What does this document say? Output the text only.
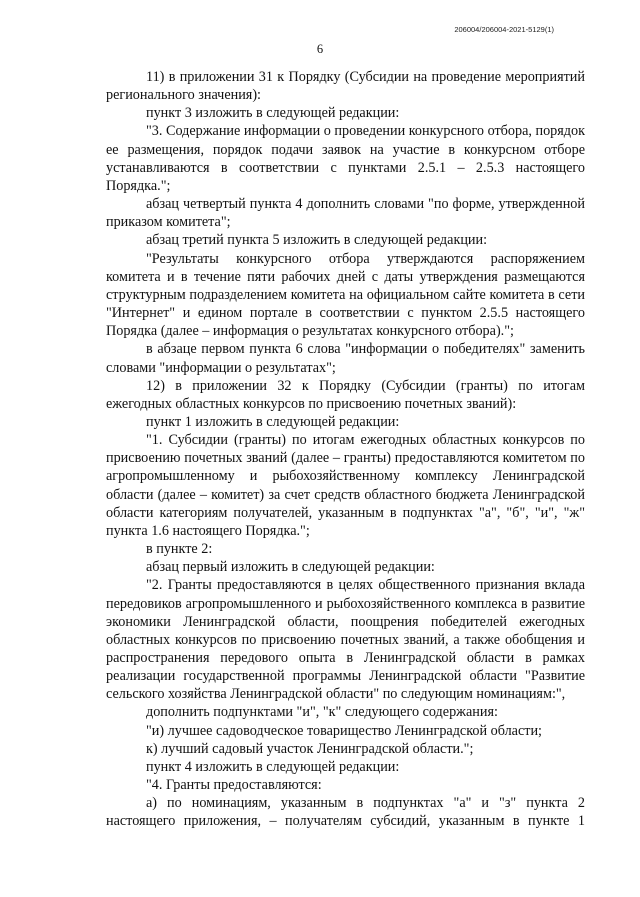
206004/206004-2021-5129(1)
6

11) в приложении 31 к Порядку (Субсидии на проведение мероприятий регионального значения):

пункт 3 изложить в следующей редакции:

"3. Содержание информации о проведении конкурсного отбора, порядок ее размещения, порядок подачи заявок на участие в конкурсном отборе устанавливаются в соответствии с пунктами 2.5.1 – 2.5.3 настоящего Порядка.";

абзац четвертый пункта 4 дополнить словами "по форме, утвержденной приказом комитета";

абзац третий пункта 5 изложить в следующей редакции:

"Результаты конкурсного отбора утверждаются распоряжением комитета и в течение пяти рабочих дней с даты утверждения размещаются структурным подразделением комитета на официальном сайте комитета в сети "Интернет" и едином портале в соответствии с пунктом 2.5.5 настоящего Порядка (далее – информация о результатах конкурсного отбора).";

в абзаце первом пункта 6 слова "информации о победителях" заменить словами "информации о результатах";

12) в приложении 32 к Порядку (Субсидии (гранты) по итогам ежегодных областных конкурсов по присвоению почетных званий):

пункт 1 изложить в следующей редакции:

"1. Субсидии (гранты) по итогам ежегодных областных конкурсов по присвоению почетных званий (далее – гранты) предоставляются комитетом по агропромышленному и рыбохозяйственному комплексу Ленинградской области (далее – комитет) за счет средств областного бюджета Ленинградской области категориям получателей, указанным в подпунктах "а", "б", "и", "ж" пункта 1.6 настоящего Порядка.";

в пункте 2:

абзац первый изложить в следующей редакции:

"2. Гранты предоставляются в целях общественного признания вклада передовиков агропромышленного и рыбохозяйственного комплекса в развитие экономики Ленинградской области, поощрения победителей ежегодных областных конкурсов по присвоению почетных званий, а также обобщения и распространения передового опыта в Ленинградской области в рамках реализации государственной программы Ленинградской области "Развитие сельского хозяйства Ленинградской области" по следующим номинациям:",

дополнить подпунктами "и", "к" следующего содержания:

"и) лучшее садоводческое товарищество Ленинградской области;

к) лучший садовый участок Ленинградской области.";

пункт 4 изложить в следующей редакции:

"4. Гранты предоставляются:

а) по номинациям, указанным в подпунктах "а" и "з" пункта 2 настоящего приложения, – получателям субсидий, указанным в пункте 1
